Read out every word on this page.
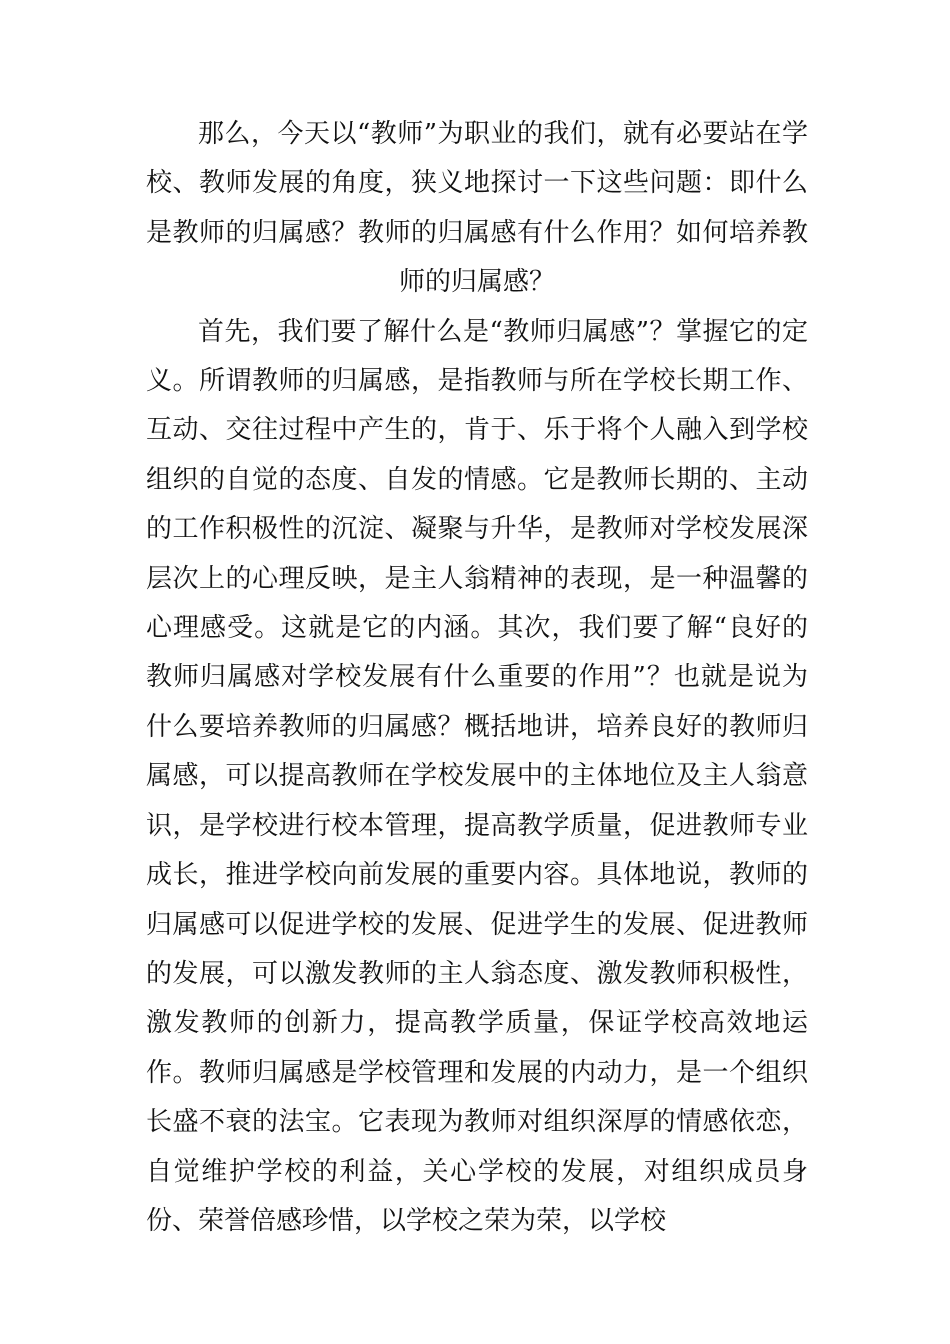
那么，今天以“教师”为职业的我们，就有必要站在学校、教师发展的角度，狭义地探讨一下这些问题：即什么是教师的归属感？教师的归属感有什么作用？如何培养教师的归属感？

首先，我们要了解什么是“教师归属感”？掌握它的定义。所谓教师的归属感，是指教师与所在学校长期工作、互动、交往过程中产生的，肯于、乐于将个人融入到学校组织的自觉的态度、自发的情感。它是教师长期的、主动的工作积极性的沉淀、凝聚与升华，是教师对学校发展深层次上的心理反映，是主人翁精神的表现，是一种温馨的心理感受。这就是它的内涵。其次，我们要了解“良好的教师归属感对学校发展有什么重要的作用”？也就是说为什么要培养教师的归属感？概括地讲，培养良好的教师归属感，可以提高教师在学校发展中的主体地位及主人翁意识，是学校进行校本管理，提高教学质量，促进教师专业成长，推进学校向前发展的重要内容。具体地说，教师的归属感可以促进学校的发展、促进学生的发展、促进教师的发展，可以激发教师的主人翁态度、激发教师积极性，激发教师的创新力，提高教学质量，保证学校高效地运作。教师归属感是学校管理和发展的内动力，是一个组织长盛不衰的法宝。它表现为教师对组织深厚的情感依恋，自觉维护学校的利益，关心学校的发展，对组织成员身份、荣誉倍感珍惜，以学校之荣为荣，以学校
